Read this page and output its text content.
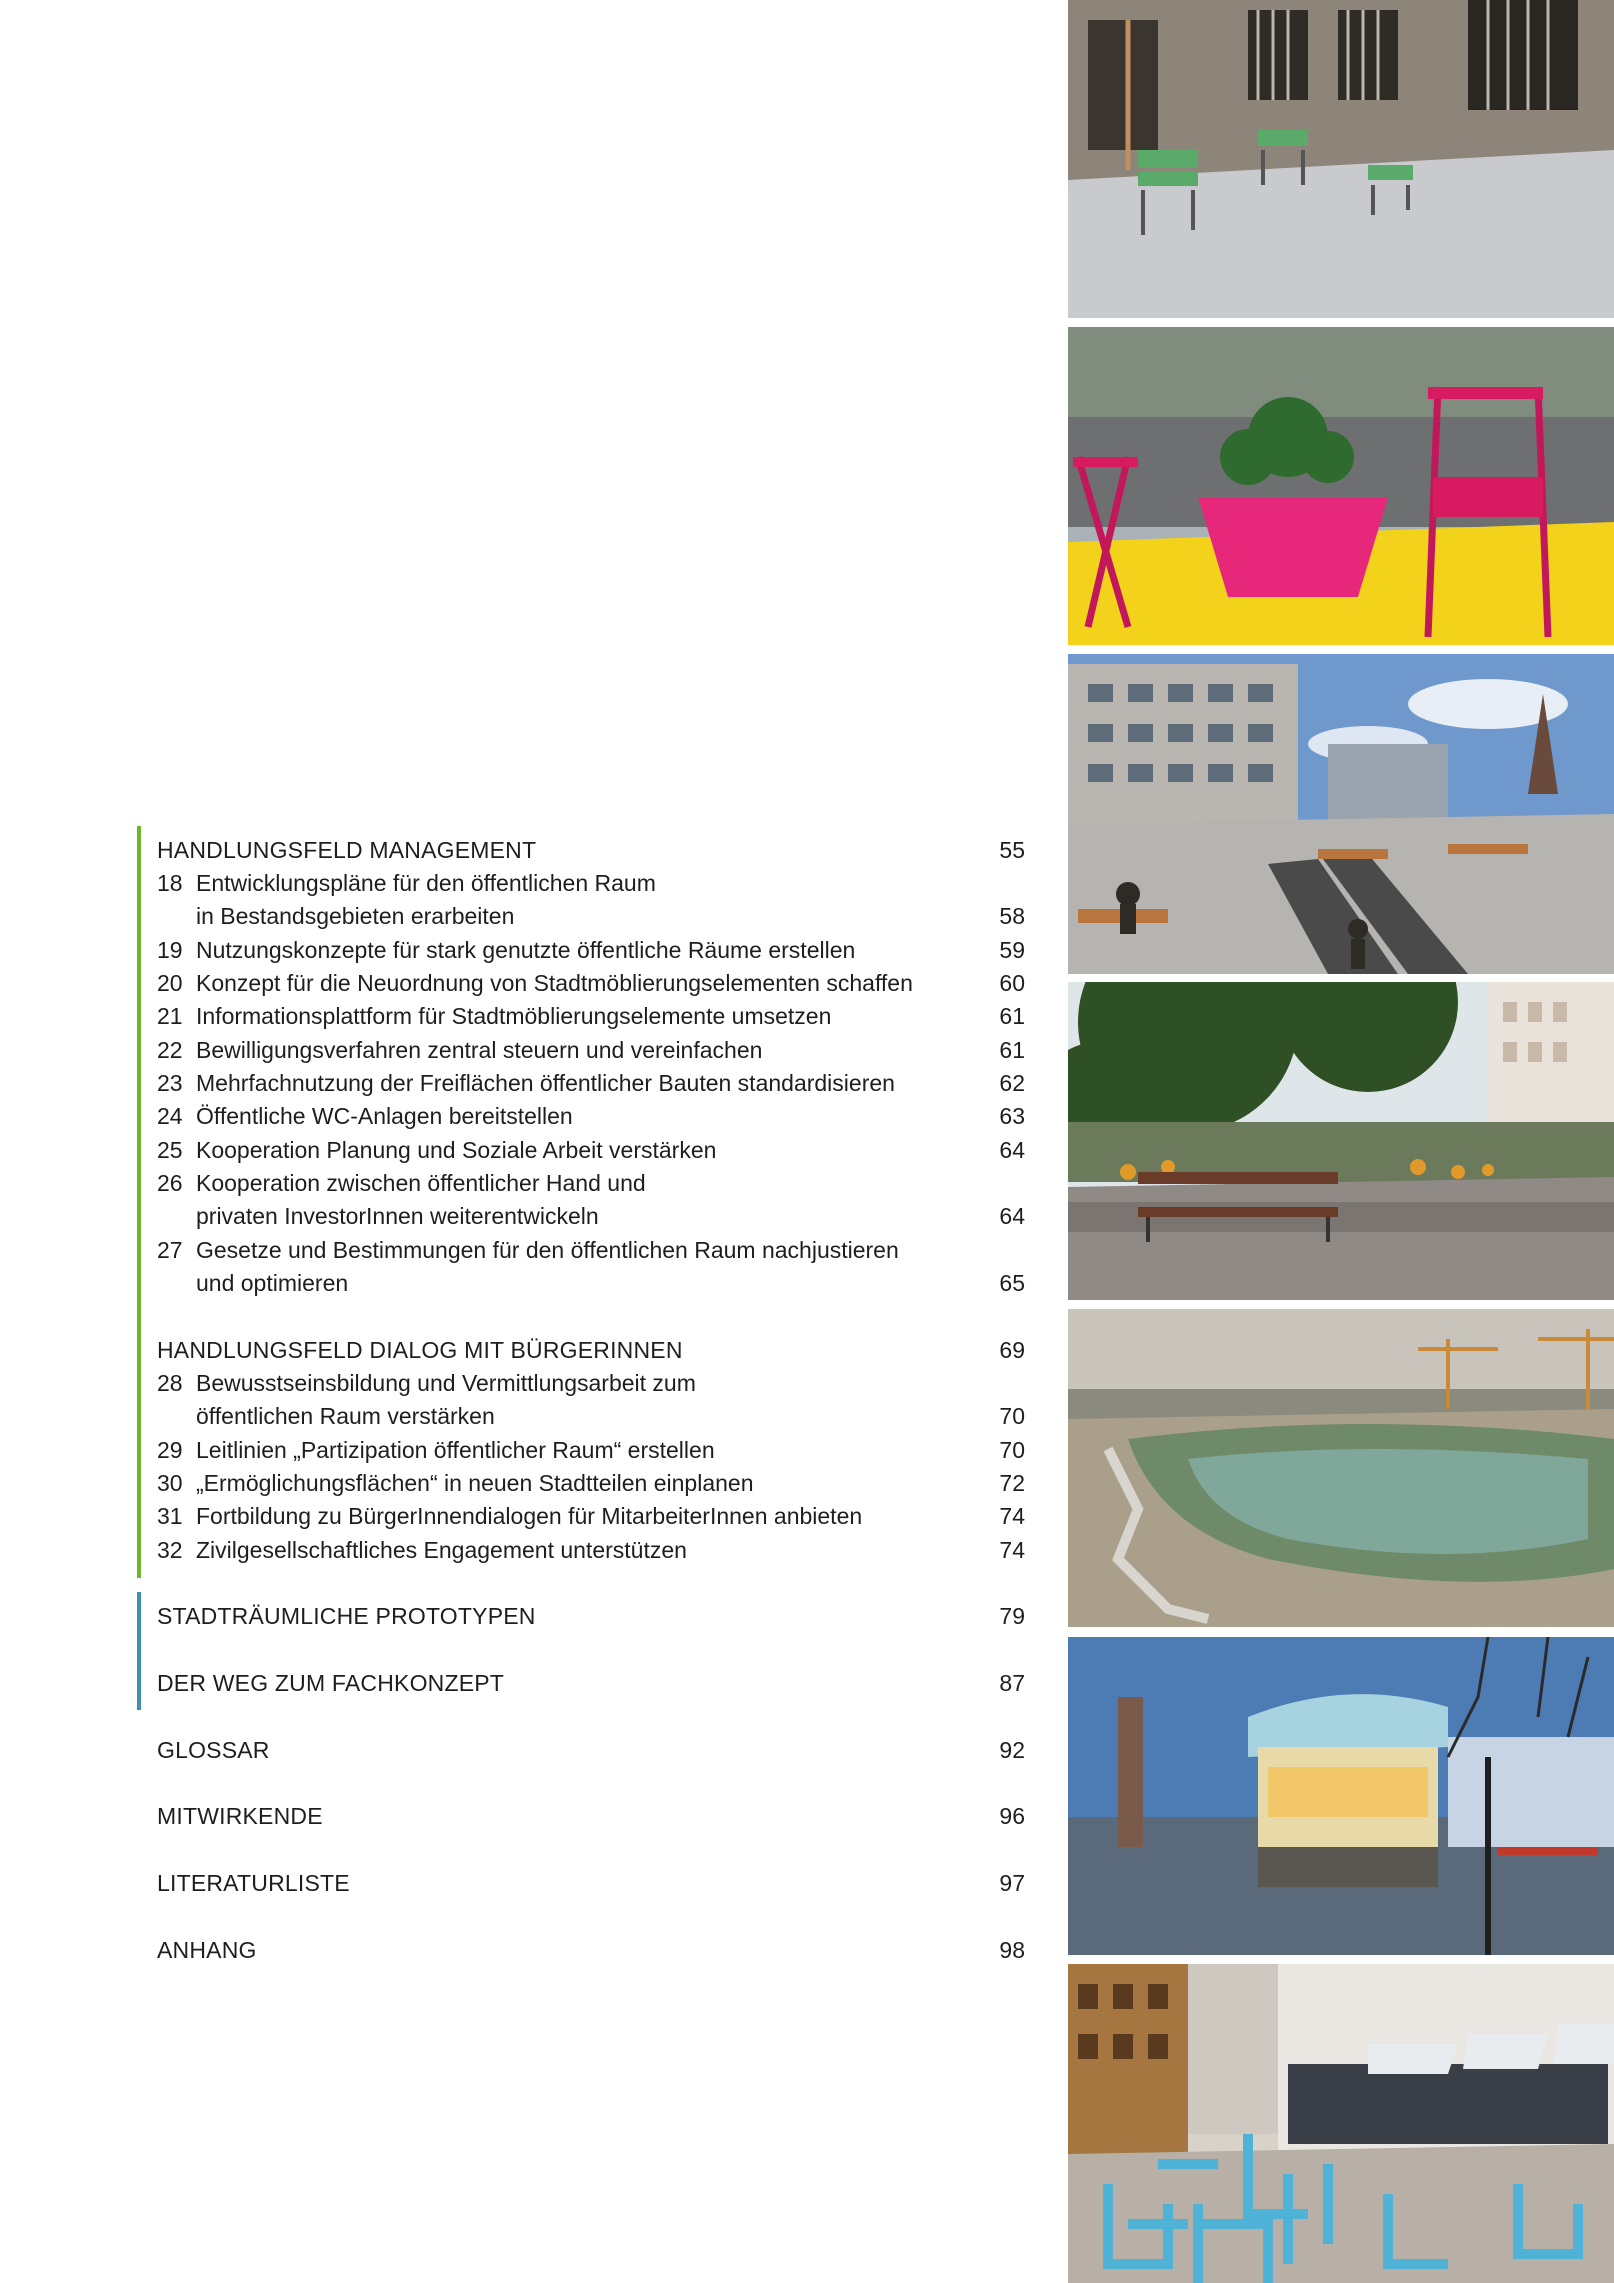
HANDLUNGSFELD MANAGEMENT	55
18 Entwicklungspläne für den öffentlichen Raum
in Bestandsgebieten erarbeiten	58
19 Nutzungskonzepte für stark genutzte öffentliche Räume erstellen	59
20 Konzept für die Neuordnung von Stadtmöblierungselementen schaffen	60
21 Informationsplattform für Stadtmöblierungselemente umsetzen	61
22 Bewilligungsverfahren zentral steuern und vereinfachen	61
23 Mehrfachnutzung der Freiflächen öffentlicher Bauten standardisieren	62
24 Öffentliche WC-Anlagen bereitstellen	63
25 Kooperation Planung und Soziale Arbeit verstärken	64
26 Kooperation zwischen öffentlicher Hand und
privaten InvestorInnen weiterentwickeln	64
27 Gesetze und Bestimmungen für den öffentlichen Raum nachjustieren
und optimieren	65
HANDLUNGSFELD DIALOG MIT BÜRGERINNEN	69
28 Bewusstseinsbildung und Vermittlungsarbeit zum
öffentlichen Raum verstärken	70
29 Leitlinien „Partizipation öffentlicher Raum“ erstellen	70
30 „Ermöglichungsflächen“ in neuen Stadtteilen einplanen	72
31 Fortbildung zu BürgerInnendialogen für MitarbeiterInnen anbieten	74
32 Zivilgesellschaftliches Engagement unterstützen	74
STADTRÄUMLICHE PROTOTYPEN	79
DER WEG ZUM FACHKONZEPT	87
GLOSSAR	92
MITWIRKENDE	96
LITERATURLISTE	97
ANHANG	98
